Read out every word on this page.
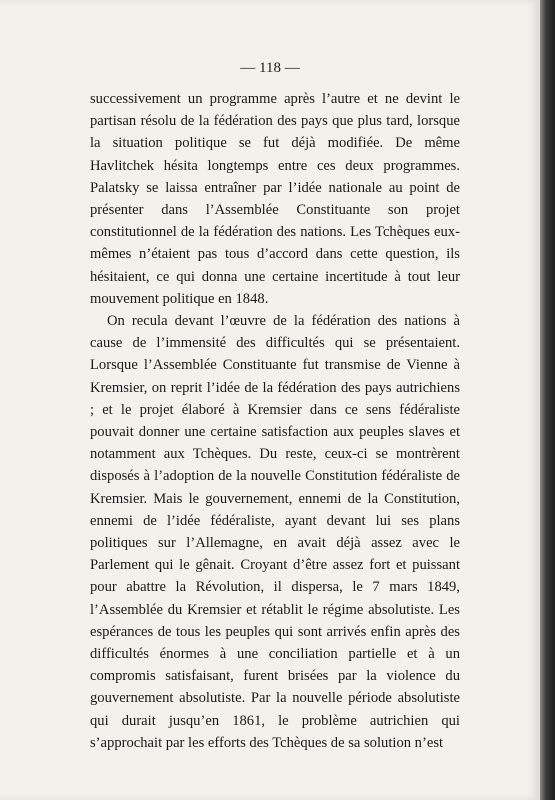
— 118 —
successivement un programme après l’autre et ne devint le partisan résolu de la fédération des pays que plus tard, lorsque la situation politique se fut déjà modifiée. De même Havlitchek hésita longtemps entre ces deux programmes. Palatsky se laissa entraîner par l’idée nationale au point de présenter dans l’Assemblée Constituante son projet constitutionnel de la fédération des nations. Les Tchèques eux-mêmes n’étaient pas tous d’accord dans cette question, ils hésitaient, ce qui donna une certaine incertitude à tout leur mouvement politique en 1848.
On recula devant l’œuvre de la fédération des nations à cause de l’immensité des difficultés qui se présentaient. Lorsque l’Assemblée Constituante fut transmise de Vienne à Kremsier, on reprit l’idée de la fédération des pays autrichiens ; et le projet élaboré à Kremsier dans ce sens fédéraliste pouvait donner une certaine satisfaction aux peuples slaves et notamment aux Tchèques. Du reste, ceux-ci se montrèrent disposés à l’adoption de la nouvelle Constitution fédéraliste de Kremsier. Mais le gouvernement, ennemi de la Constitution, ennemi de l’idée fédéraliste, ayant devant lui ses plans politiques sur l’Allemagne, en avait déjà assez avec le Parlement qui le gênait. Croyant d’être assez fort et puissant pour abattre la Révolution, il dispersa, le 7 mars 1849, l’Assemblée du Kremsier et rétablit le régime absolutiste. Les espérances de tous les peuples qui sont arrivés enfin après des difficultés énormes à une conciliation partielle et à un compromis satisfaisant, furent brisées par la violence du gouvernement absolutiste. Par la nouvelle période absolutiste qui durait jusqu’en 1861, le problème autrichien qui s’approchait par les efforts des Tchèques de sa solution n’est
